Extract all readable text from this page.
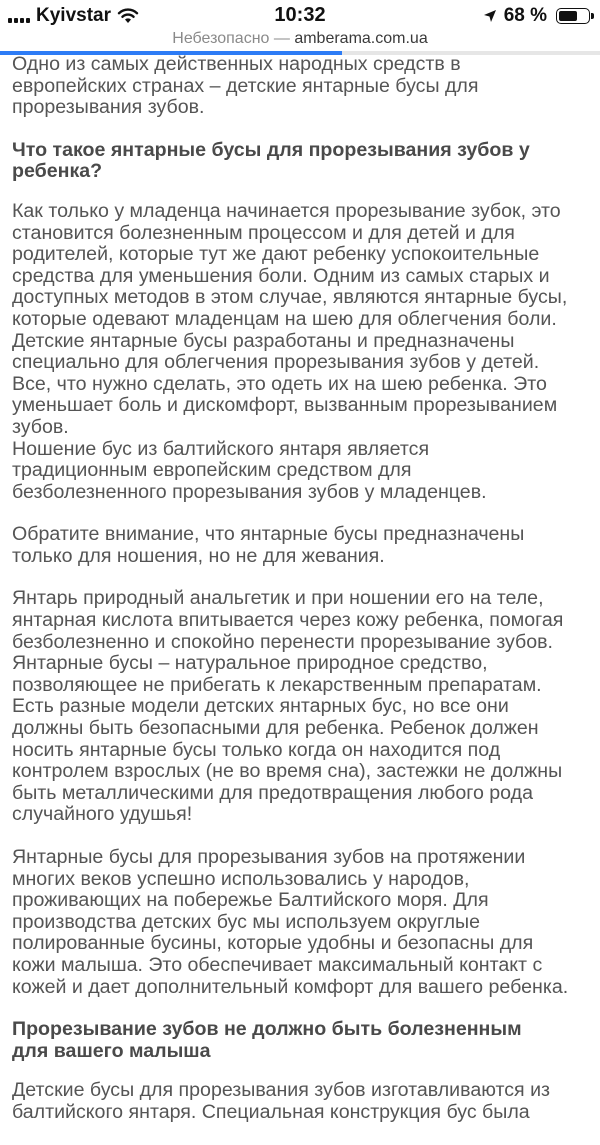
Kyivstar	10:32	68 %
Небезопасно — amberama.com.ua

Одно из самых действенных народных средств в
европейских странах – детские янтарные бусы для
прорезывания зубов.

Что такое янтарные бусы для прорезывания зубов у
ребенка?

Как только у младенца начинается прорезывание зубок, это
становится болезненным процессом и для детей и для
родителей, которые тут же дают ребенку успокоительные
средства для уменьшения боли. Одним из самых старых и
доступных методов в этом случае, являются янтарные бусы,
которые одевают младенцам на шею для облегчения боли.
Детские янтарные бусы разработаны и предназначены
специально для облегчения прорезывания зубов у детей.
Все, что нужно сделать, это одеть их на шею ребенка. Это
уменьшает боль и дискомфорт, вызванным прорезыванием
зубов.
Ношение бус из балтийского янтаря является
традиционным европейским средством для
безболезненного прорезывания зубов у младенцев.

Обратите внимание, что янтарные бусы предназначены
только для ношения, но не для жевания.

Янтарь природный анальгетик и при ношении его на теле,
янтарная кислота впитывается через кожу ребенка, помогая
безболезненно и спокойно перенести прорезывание зубов.
Янтарные бусы – натуральное природное средство,
позволяющее не прибегать к лекарственным препаратам.
Есть разные модели детских янтарных бус, но все они
должны быть безопасными для ребенка. Ребенок должен
носить янтарные бусы только когда он находится под
контролем взрослых (не во время сна), застежки не должны
быть металлическими для предотвращения любого рода
случайного удушья!

Янтарные бусы для прорезывания зубов на протяжении
многих веков успешно использовались у народов,
проживающих на побережье Балтийского моря. Для
производства детских бус мы используем округлые
полированные бусины, которые удобны и безопасны для
кожи малыша. Это обеспечивает максимальный контакт с
кожей и дает дополнительный комфорт для вашего ребенка.

Прорезывание зубов не должно быть болезненным
для вашего малыша

Детские бусы для прорезывания зубов изготавливаются из
балтийского янтаря. Специальная конструкция бус была
